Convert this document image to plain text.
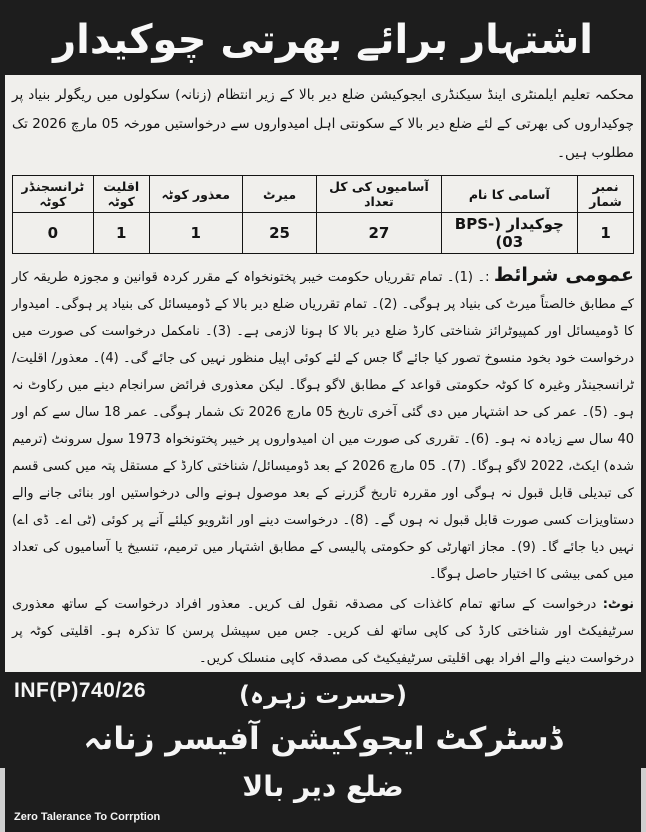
اشتہار برائے بھرتی چوکیدار

محکمہ تعلیم ایلمنٹری اینڈ سیکنڈری ایجوکیشن ضلع دیر بالا کے زیر انتظام (زنانہ) سکولوں میں ریگولر بنیاد پر چوکیداروں کی بھرتی کے لئے ضلع دیر بالا کے سکونتی اہل امیدواروں سے درخواستیں مورخہ 05 مارچ 2026 تک مطلوب ہیں۔

نمبر شمار	آسامی کا نام	آسامیوں کی کل تعداد	میرٹ	معذور کوٹہ	اقلیت کوٹہ	ٹرانسجنڈر کوٹہ
1	چوکیدار (BPS-03)	27	25	1	1	0

عمومی شرائط :۔ (1)۔ تمام تقرریاں حکومت خیبر پختونخواہ کے مقرر کردہ قوانین و مجوزہ طریقہ کار کے مطابق خالصتاً میرٹ کی بنیاد پر ہوگی۔ (2)۔ تمام تقرریاں ضلع دیر بالا کے ڈومیسائل کی بنیاد پر ہوگی۔ امیدوار کا ڈومیسائل اور کمپیوٹرائز شناختی کارڈ ضلع دیر بالا کا ہونا لازمی ہے۔ (3)۔ نامکمل درخواست کی صورت میں درخواست خود بخود منسوخ تصور کیا جائے گا جس کے لئے کوئی اپیل منظور نہیں کی جائے گی۔ (4)۔ معذور/ اقلیت/ ٹرانسجینڈر وغیرہ کا کوٹہ حکومتی قواعد کے مطابق لاگو ہوگا۔ لیکن معذوری فرائض سرانجام دینے میں رکاوٹ نہ ہو۔ (5)۔ عمر کی حد اشتہار میں دی گئی آخری تاریخ 05 مارچ 2026 تک شمار ہوگی۔ عمر 18 سال سے کم اور 40 سال سے زیادہ نہ ہو۔ (6)۔ تقرری کی صورت میں ان امیدواروں پر خیبر پختونخواہ 1973 سول سرونٹ (ترمیم شدہ) ایکٹ، 2022 لاگو ہوگا۔ (7)۔ 05 مارچ 2026 کے بعد ڈومیسائل/ شناختی کارڈ کے مستقل پتہ میں کسی قسم کی تبدیلی قابل قبول نہ ہوگی اور مقررہ تاریخ گزرنے کے بعد موصول ہونے والی درخواستیں اور بنائی جانے والے دستاویزات کسی صورت قابل قبول نہ ہوں گے۔ (8)۔ درخواست دینے اور انٹرویو کیلئے آنے پر کوئی (ٹی اے۔ ڈی اے) نہیں دیا جائے گا۔ (9)۔ مجاز اتھارٹی کو حکومتی پالیسی کے مطابق اشتہار میں ترمیم، تنسیخ یا آسامیوں کی تعداد میں کمی بیشی کا اختیار حاصل ہوگا۔

نوٹ: درخواست کے ساتھ تمام کاغذات کی مصدقہ نقول لف کریں۔ معذور افراد درخواست کے ساتھ معذوری سرٹیفیکٹ اور شناختی کارڈ کی کاپی ساتھ لف کریں۔ جس میں سپیشل پرسن کا تذکرہ ہو۔ اقلیتی کوٹہ پر درخواست دینے والے افراد بھی اقلیتی سرٹیفیکیٹ کی مصدقہ کاپی منسلک کریں۔

INF(P)740/26	(حسرت زہرہ)
ڈسٹرکٹ ایجوکیشن آفیسر زنانہ
ضلع دیر بالا
Zero Talerance To Corrption
